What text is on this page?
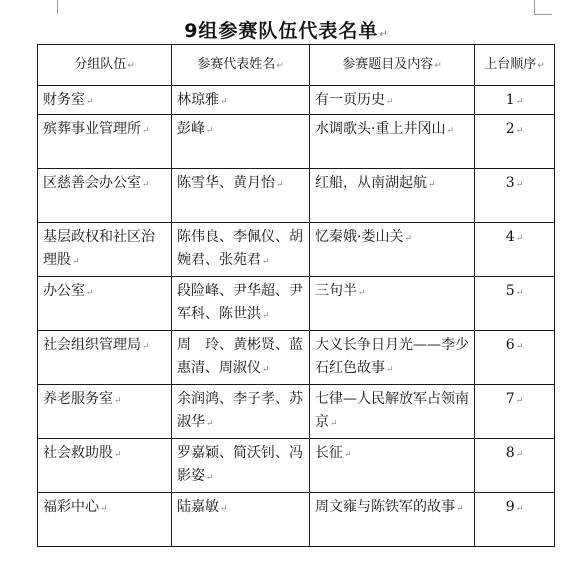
9组参赛队伍代表名单↵
分组队伍 ↵	参赛代表姓名 ↵	参赛题目及内容 ↵	上台顺序 ↵
财务室 ↵	林琼雅 ↵	有一页历史 ↵	1 ↵
殡葬事业管理所 ↵	彭峰 ↵	水调歌头·重上井冈山 ↵	2 ↵
区慈善会办公室 ↵	陈雪华、黄月怡 ↵	红船，从南湖起航 ↵	3 ↵
基层政权和社区治理股 ↵	陈伟良、李佩仪、胡婉君、张苑君 ↵	忆秦娥·娄山关 ↵	4 ↵
办公室 ↵	段险峰、尹华超、尹军科、陈世洪 ↵	三句半 ↵	5 ↵
社会组织管理局 ↵	周　玲、黄彬贤、蓝惠清、周淑仪 ↵	大义长争日月光——李少石红色故事 ↵	6 ↵
养老服务室 ↵	余润鸿、李子孝、苏淑华 ↵	七律—人民解放军占领南京 ↵	7 ↵
社会救助股 ↵	罗嘉颖、简沃钊、冯影姿 ↵	长征 ↵	8 ↵
福彩中心 ↵	陆嘉敏 ↵	周文雍与陈铁军的故事 ↵	9 ↵
